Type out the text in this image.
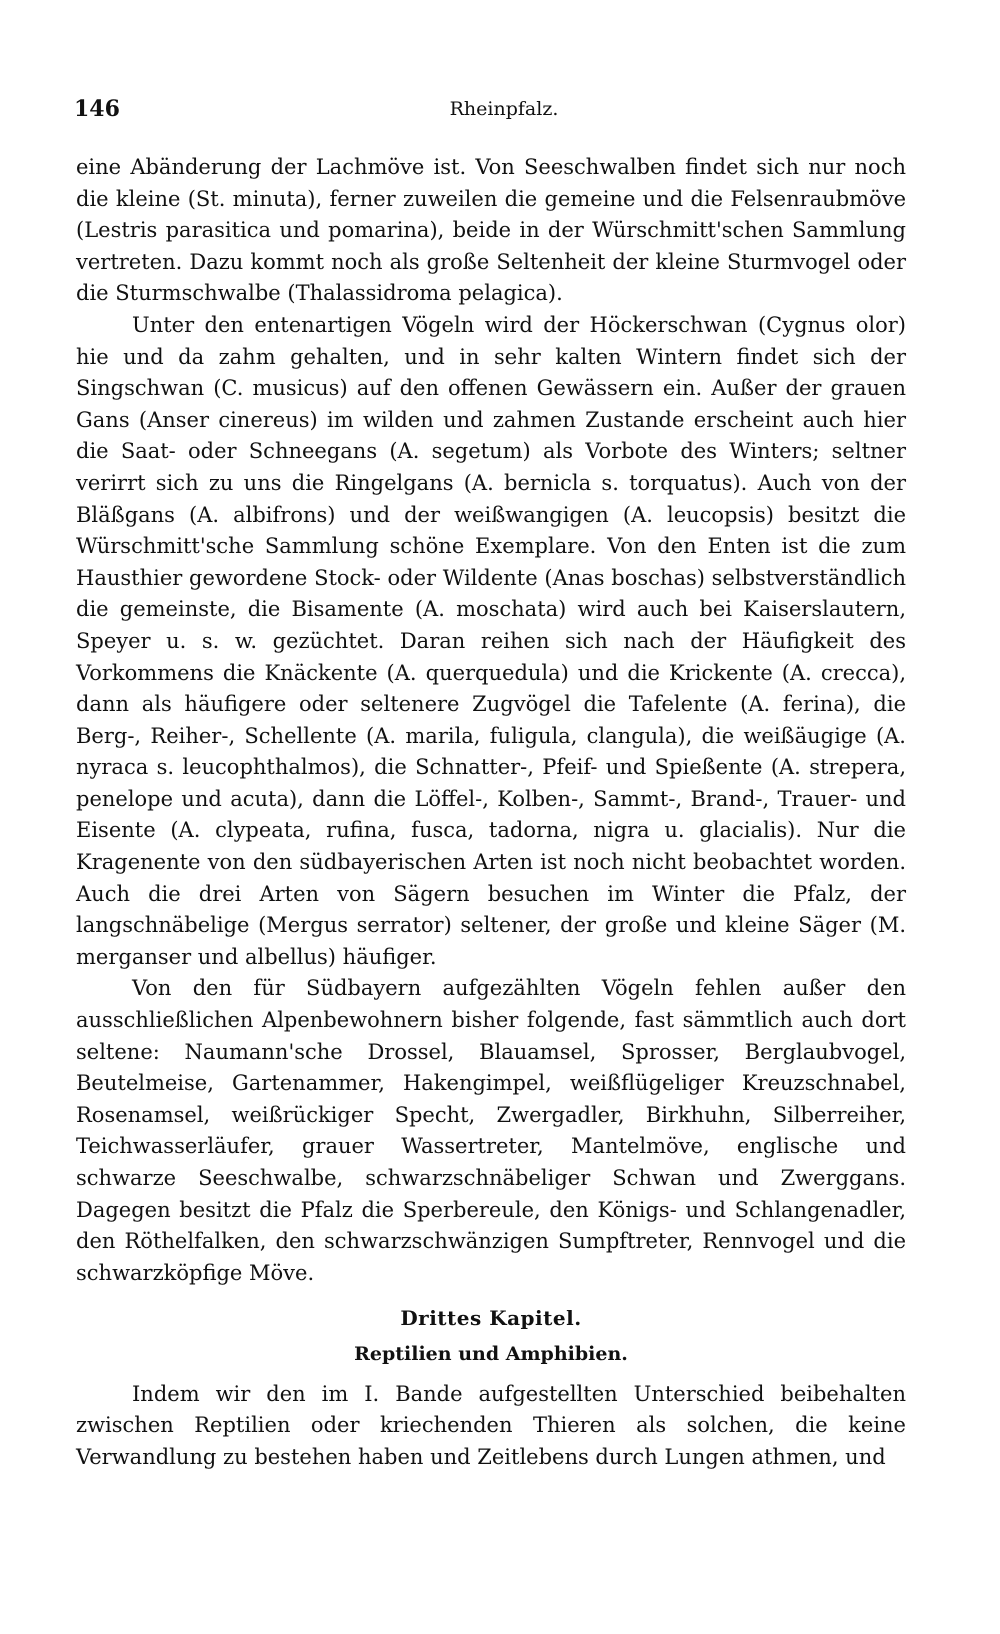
146	Rheinpfalz.

eine Abänderung der Lachmöve ist. Von Seeschwalben findet sich nur noch die kleine (St. minuta), ferner zuweilen die gemeine und die Felsenraubmöve (Lestris parasitica und pomarina), beide in der Würschmitt'schen Sammlung vertreten. Dazu kommt noch als große Seltenheit der kleine Sturmvogel oder die Sturmschwalbe (Thalassidroma pelagica).

Unter den entenartigen Vögeln wird der Höckerschwan (Cygnus olor) hie und da zahm gehalten, und in sehr kalten Wintern findet sich der Singschwan (C. musicus) auf den offenen Gewässern ein. Außer der grauen Gans (Anser cinereus) im wilden und zahmen Zustande erscheint auch hier die Saat- oder Schneegans (A. segetum) als Vorbote des Winters; seltner verirrt sich zu uns die Ringelgans (A. bernicla s. torquatus). Auch von der Bläßgans (A. albifrons) und der weißwangigen (A. leucopsis) besitzt die Würschmitt'sche Sammlung schöne Exemplare. Von den Enten ist die zum Hausthier gewordene Stock- oder Wildente (Anas boschas) selbstverständlich die gemeinste, die Bisamente (A. moschata) wird auch bei Kaiserslautern, Speyer u. s. w. gezüchtet. Daran reihen sich nach der Häufigkeit des Vorkommens die Knäckente (A. querquedula) und die Krickente (A. crecca), dann als häufigere oder seltenere Zugvögel die Tafelente (A. ferina), die Berg-, Reiher-, Schellente (A. marila, fuligula, clangula), die weißäugige (A. nyraca s. leucophthalmos), die Schnatter-, Pfeif- und Spießente (A. strepera, penelope und acuta), dann die Löffel-, Kolben-, Sammt-, Brand-, Trauer- und Eisente (A. clypeata, rufina, fusca, tadorna, nigra u. glacialis). Nur die Kragenente von den südbayerischen Arten ist noch nicht beobachtet worden. Auch die drei Arten von Sägern besuchen im Winter die Pfalz, der langschnäbelige (Mergus serrator) seltener, der große und kleine Säger (M. merganser und albellus) häufiger.

Von den für Südbayern aufgezählten Vögeln fehlen außer den ausschließlichen Alpenbewohnern bisher folgende, fast sämmtlich auch dort seltene: Naumann'sche Drossel, Blauamsel, Sprosser, Berglaubvogel, Beutelmeise, Gartenammer, Hakengimpel, weißflügeliger Kreuzschnabel, Rosenamsel, weißrückiger Specht, Zwergadler, Birkhuhn, Silberreiher, Teichwasserläufer, grauer Wassertreter, Mantelmöve, englische und schwarze Seeschwalbe, schwarzschnäbeliger Schwan und Zwerggans. Dagegen besitzt die Pfalz die Sperbereule, den Königs- und Schlangenadler, den Röthelfalken, den schwarzschwänzigen Sumpftreter, Rennvogel und die schwarzköpfige Möve.

Drittes Kapitel.
Reptilien und Amphibien.

Indem wir den im I. Bande aufgestellten Unterschied beibehalten zwischen Reptilien oder kriechenden Thieren als solchen, die keine Verwandlung zu bestehen haben und Zeitlebens durch Lungen athmen, und
